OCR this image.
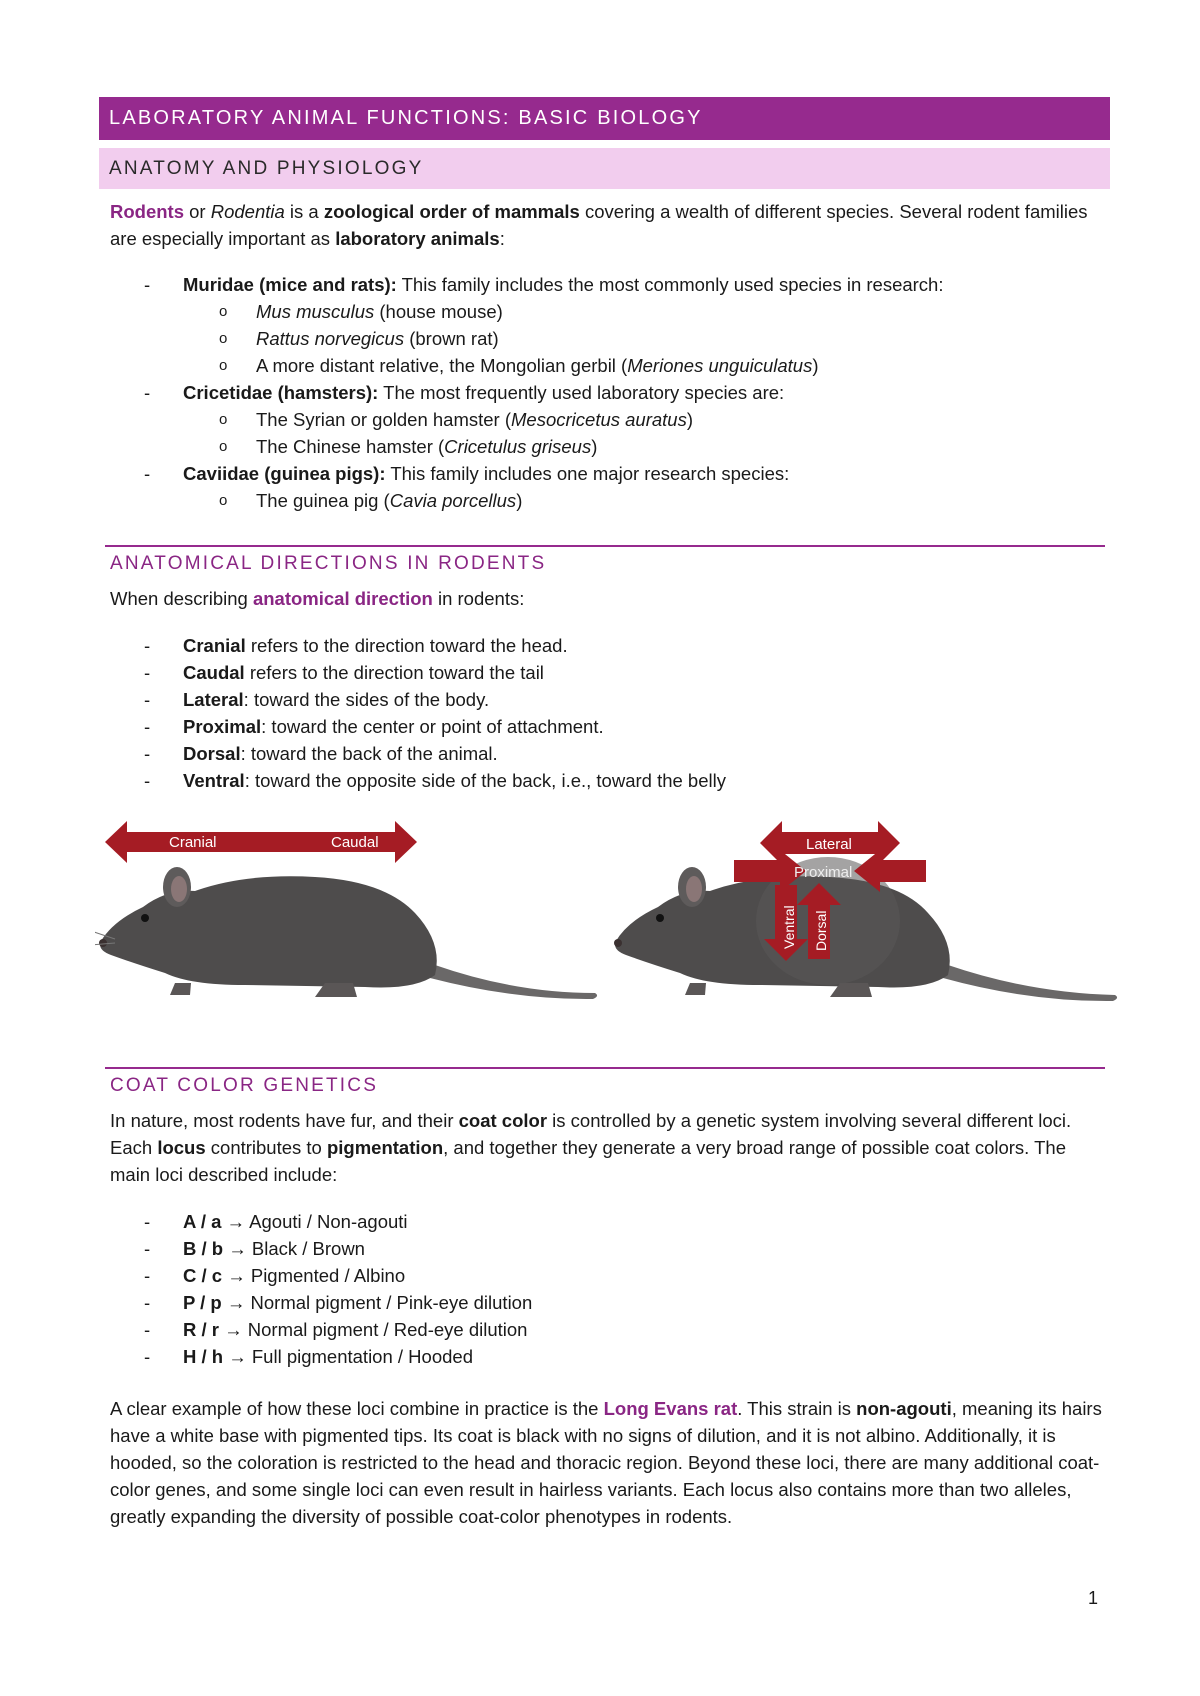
LABORATORY ANIMAL FUNCTIONS: BASIC BIOLOGY
ANATOMY AND PHYSIOLOGY

Rodents or Rodentia is a zoological order of mammals covering a wealth of different species. Several rodent families are especially important as laboratory animals:

- Muridae (mice and rats): This family includes the most commonly used species in research:
o Mus musculus (house mouse)
o Rattus norvegicus (brown rat)
o A more distant relative, the Mongolian gerbil (Meriones unguiculatus)
- Cricetidae (hamsters): The most frequently used laboratory species are:
o The Syrian or golden hamster (Mesocricetus auratus)
o The Chinese hamster (Cricetulus griseus)
- Caviidae (guinea pigs): This family includes one major research species:
o The guinea pig (Cavia porcellus)
ANATOMICAL DIRECTIONS IN RODENTS

When describing anatomical direction in rodents:

- Cranial refers to the direction toward the head.
- Caudal refers to the direction toward the tail
- Lateral: toward the sides of the body.
- Proximal: toward the center or point of attachment.
- Dorsal: toward the back of the animal.
- Ventral: toward the opposite side of the back, i.e., toward the belly
Cranial	Caudal	Lateral
Proximal
Ventral Dorsal
COAT COLOR GENETICS

In nature, most rodents have fur, and their coat color is controlled by a genetic system involving several different loci. Each locus contributes to pigmentation, and together they generate a very broad range of possible coat colors. The main loci described include:

- A / a → Agouti / Non-agouti
- B / b → Black / Brown
- C / c → Pigmented / Albino
- P / p → Normal pigment / Pink-eye dilution
- R / r → Normal pigment / Red-eye dilution
- H / h → Full pigmentation / Hooded

A clear example of how these loci combine in practice is the Long Evans rat. This strain is non-agouti, meaning its hairs have a white base with pigmented tips. Its coat is black with no signs of dilution, and it is not albino. Additionally, it is hooded, so the coloration is restricted to the head and thoracic region. Beyond these loci, there are many additional coat-color genes, and some single loci can even result in hairless variants. Each locus also contains more than two alleles, greatly expanding the diversity of possible coat-color phenotypes in rodents.

1
